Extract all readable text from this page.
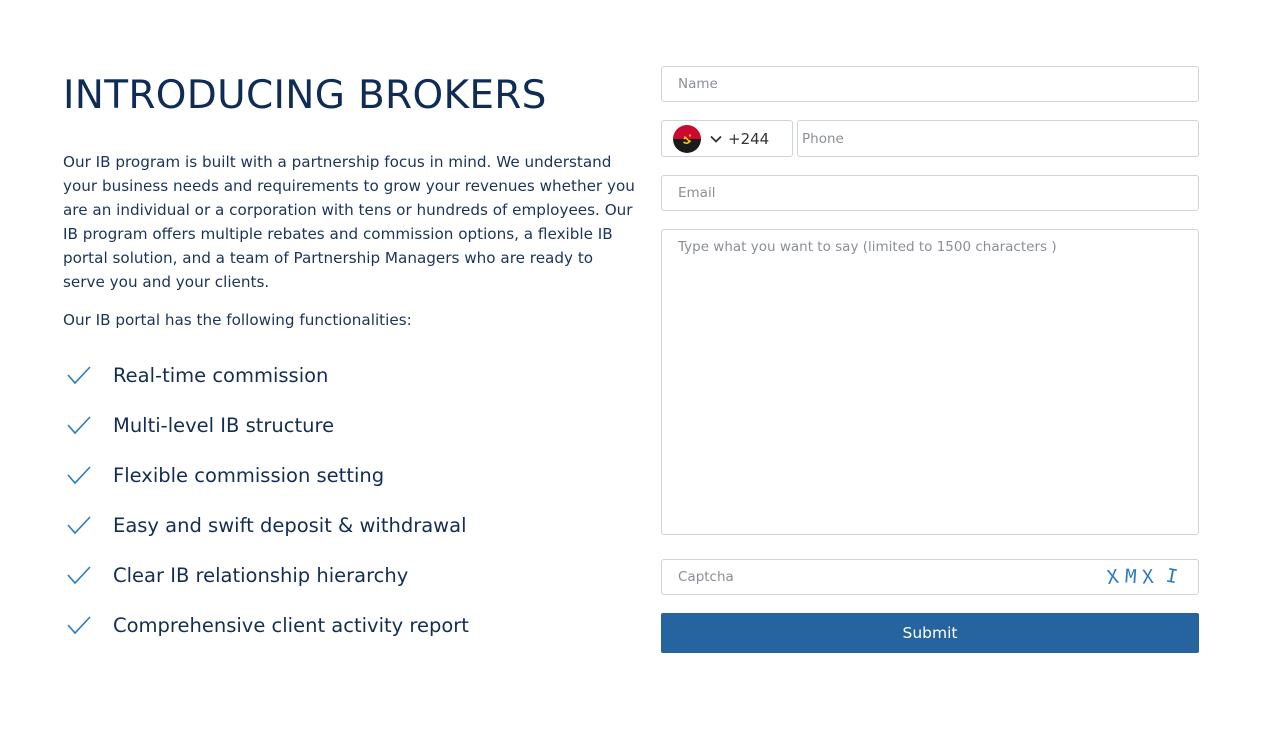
INTRODUCING BROKERS

Our IB program is built with a partnership focus in mind. We understand your business needs and requirements to grow your revenues whether you are an individual or a corporation with tens or hundreds of employees. Our IB program offers multiple rebates and commission options, a flexible IB portal solution, and a team of Partnership Managers who are ready to serve you and your clients.

Our IB portal has the following functionalities:

Real-time commission
Multi-level IB structure
Flexible commission setting
Easy and swift deposit & withdrawal
Clear IB relationship hierarchy
Comprehensive client activity report
Name
+244
Phone
Email
Type what you want to say (limited to 1500 characters )
Captcha
X
M
X I
Submit
